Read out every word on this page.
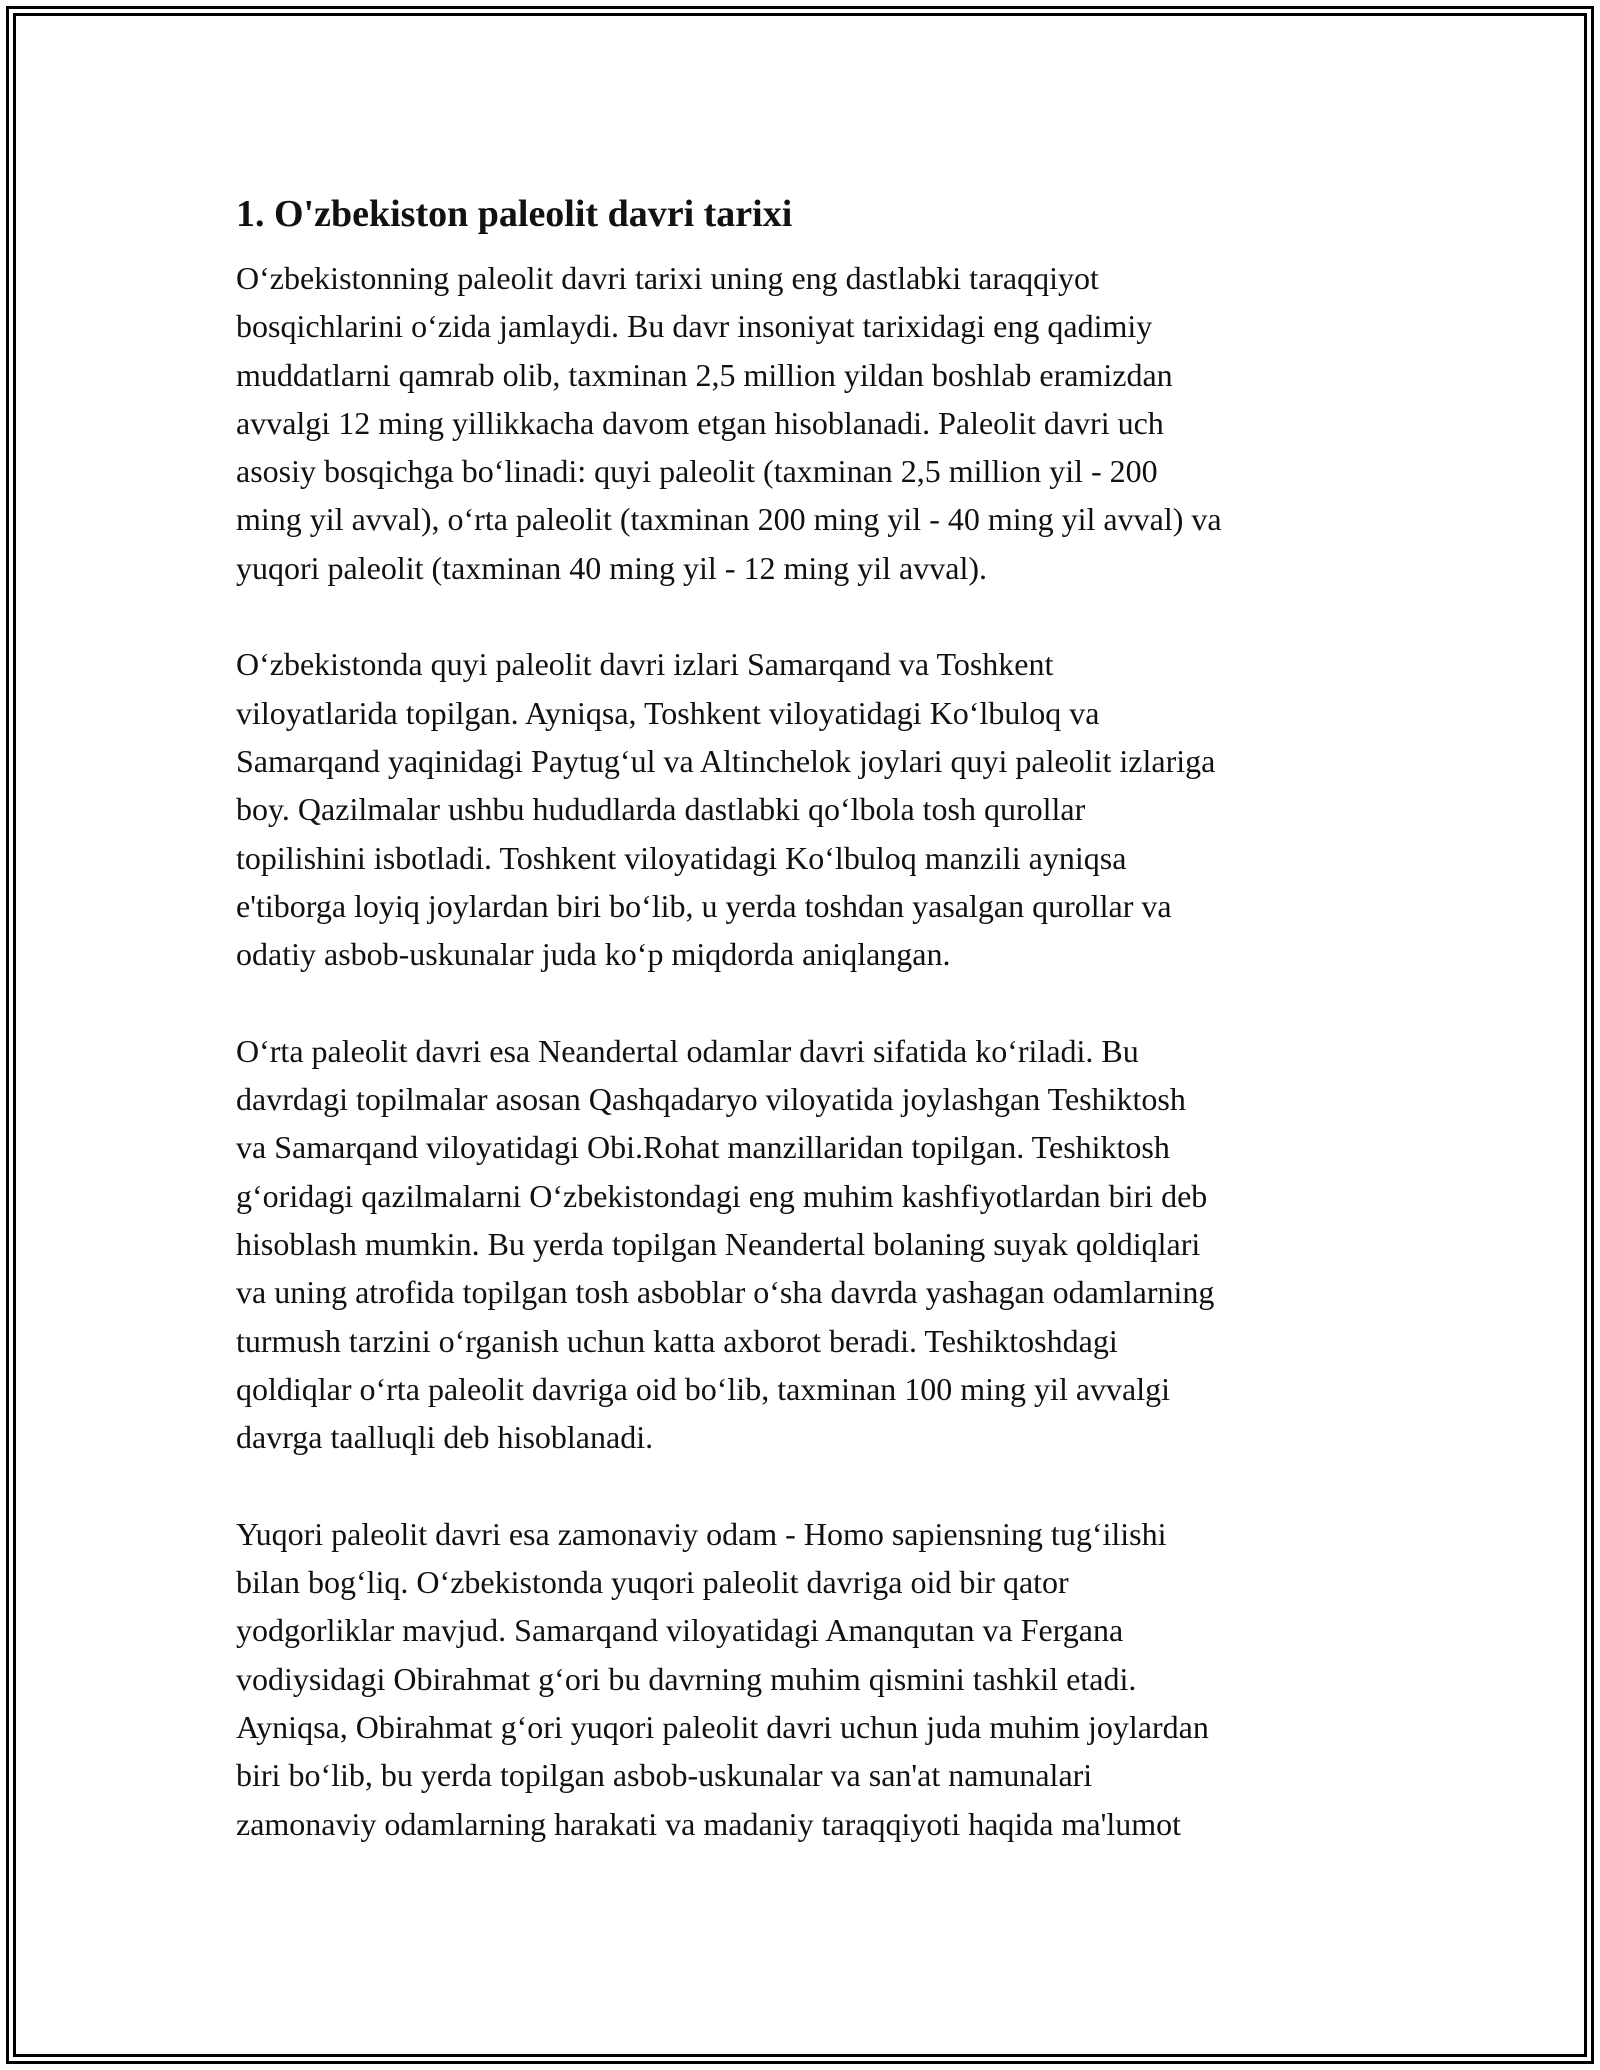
1. O'zbekiston paleolit davri tarixi
O‘zbekistonning paleolit davri tarixi uning eng dastlabki taraqqiyot
bosqichlarini o‘zida jamlaydi. Bu davr insoniyat tarixidagi eng qadimiy
muddatlarni qamrab olib, taxminan 2,5 million yildan boshlab eramizdan
avvalgi 12 ming yillikkacha davom etgan hisoblanadi. Paleolit davri uch
asosiy bosqichga bo‘linadi: quyi paleolit (taxminan 2,5 million yil - 200
ming yil avval), o‘rta paleolit (taxminan 200 ming yil - 40 ming yil avval) va
yuqori paleolit (taxminan 40 ming yil - 12 ming yil avval).
O‘zbekistonda quyi paleolit davri izlari Samarqand va Toshkent
viloyatlarida topilgan. Ayniqsa, Toshkent viloyatidagi Ko‘lbuloq va
Samarqand yaqinidagi Paytug‘ul va Altinchelok joylari quyi paleolit izlariga
boy. Qazilmalar ushbu hududlarda dastlabki qo‘lbola tosh qurollar
topilishini isbotladi. Toshkent viloyatidagi Ko‘lbuloq manzili ayniqsa
e'tiborga loyiq joylardan biri bo‘lib, u yerda toshdan yasalgan qurollar va
odatiy asbob-uskunalar juda ko‘p miqdorda aniqlangan.
O‘rta paleolit davri esa Neandertal odamlar davri sifatida ko‘riladi. Bu
davrdagi topilmalar asosan Qashqadaryo viloyatida joylashgan Teshiktosh
va Samarqand viloyatidagi Obi.Rohat manzillaridan topilgan. Teshiktosh
g‘oridagi qazilmalarni O‘zbekistondagi eng muhim kashfiyotlardan biri deb
hisoblash mumkin. Bu yerda topilgan Neandertal bolaning suyak qoldiqlari
va uning atrofida topilgan tosh asboblar o‘sha davrda yashagan odamlarning
turmush tarzini o‘rganish uchun katta axborot beradi. Teshiktoshdagi
qoldiqlar o‘rta paleolit davriga oid bo‘lib, taxminan 100 ming yil avvalgi
davrga taalluqli deb hisoblanadi.
Yuqori paleolit davri esa zamonaviy odam - Homo sapiensning tug‘ilishi
bilan bog‘liq. O‘zbekistonda yuqori paleolit davriga oid bir qator
yodgorliklar mavjud. Samarqand viloyatidagi Amanqutan va Fergana
vodiysidagi Obirahmat g‘ori bu davrning muhim qismini tashkil etadi.
Ayniqsa, Obirahmat g‘ori yuqori paleolit davri uchun juda muhim joylardan
biri bo‘lib, bu yerda topilgan asbob-uskunalar va san'at namunalari
zamonaviy odamlarning harakati va madaniy taraqqiyoti haqida ma'lumot
